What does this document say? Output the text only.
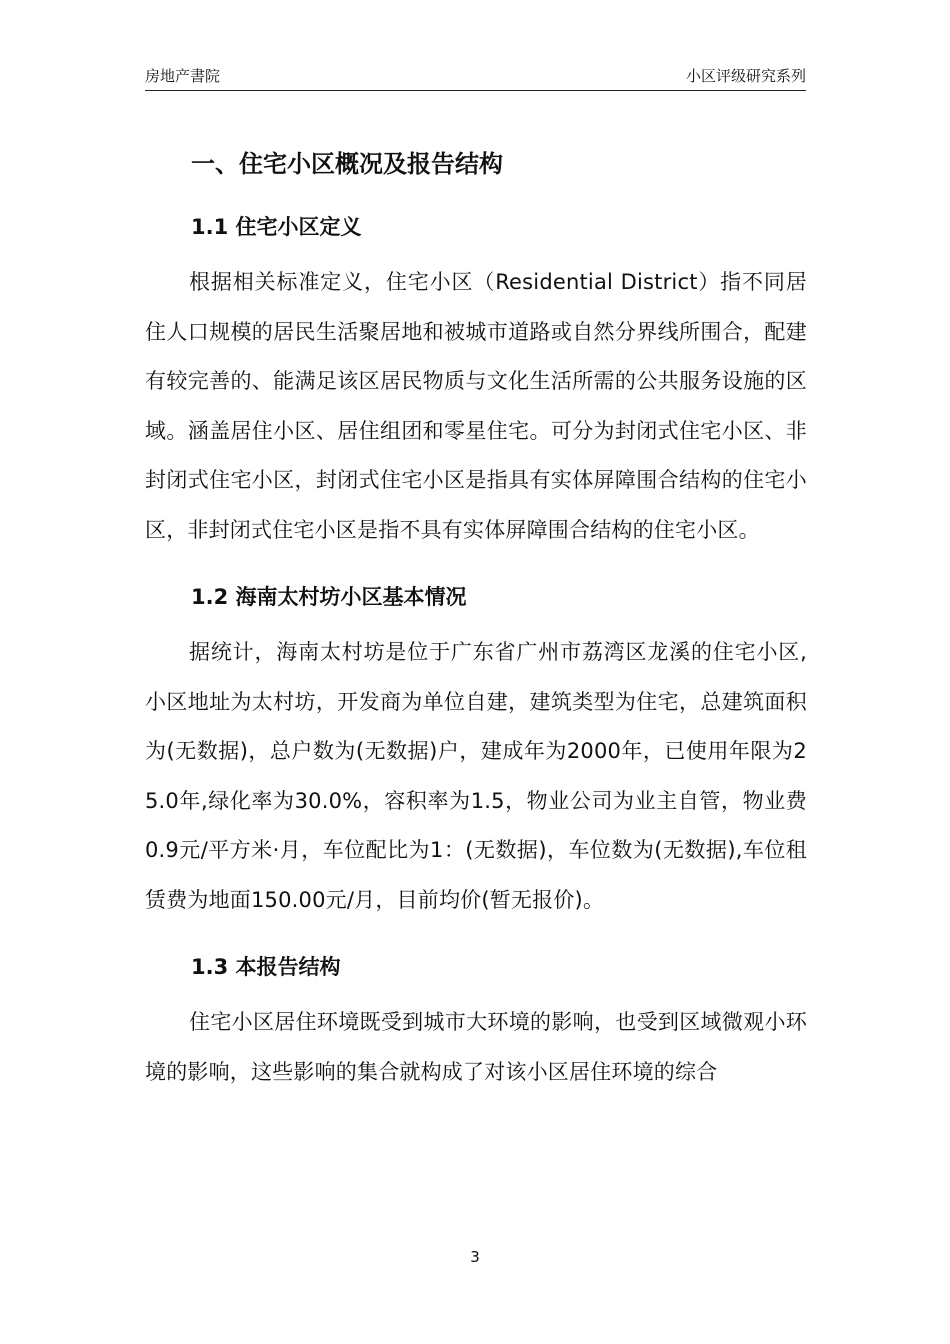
房地产書院	小区评级研究系列
一、住宅小区概况及报告结构
1.1 住宅小区定义

根据相关标准定义，住宅小区（Residential District）指不同居住人口规模的居民生活聚居地和被城市道路或自然分界线所围合，配建有较完善的、能满足该区居民物质与文化生活所需的公共服务设施的区域。涵盖居住小区、居住组团和零星住宅。可分为封闭式住宅小区、非封闭式住宅小区，封闭式住宅小区是指具有实体屏障围合结构的住宅小区，非封闭式住宅小区是指不具有实体屏障围合结构的住宅小区。

1.2 海南太村坊小区基本情况

据统计，海南太村坊是位于广东省广州市荔湾区龙溪的住宅小区,小区地址为太村坊，开发商为单位自建，建筑类型为住宅，总建筑面积为(无数据)，总户数为(无数据)户，建成年为2000年，已使用年限为25.0年,绿化率为30.0%，容积率为1.5，物业公司为业主自管，物业费0.9元/平方米·月，车位配比为1：(无数据)，车位数为(无数据),车位租赁费为地面150.00元/月，目前均价(暂无报价)。

1.3 本报告结构

住宅小区居住环境既受到城市大环境的影响，也受到区域微观小环境的影响，这些影响的集合就构成了对该小区居住环境的综合

3
